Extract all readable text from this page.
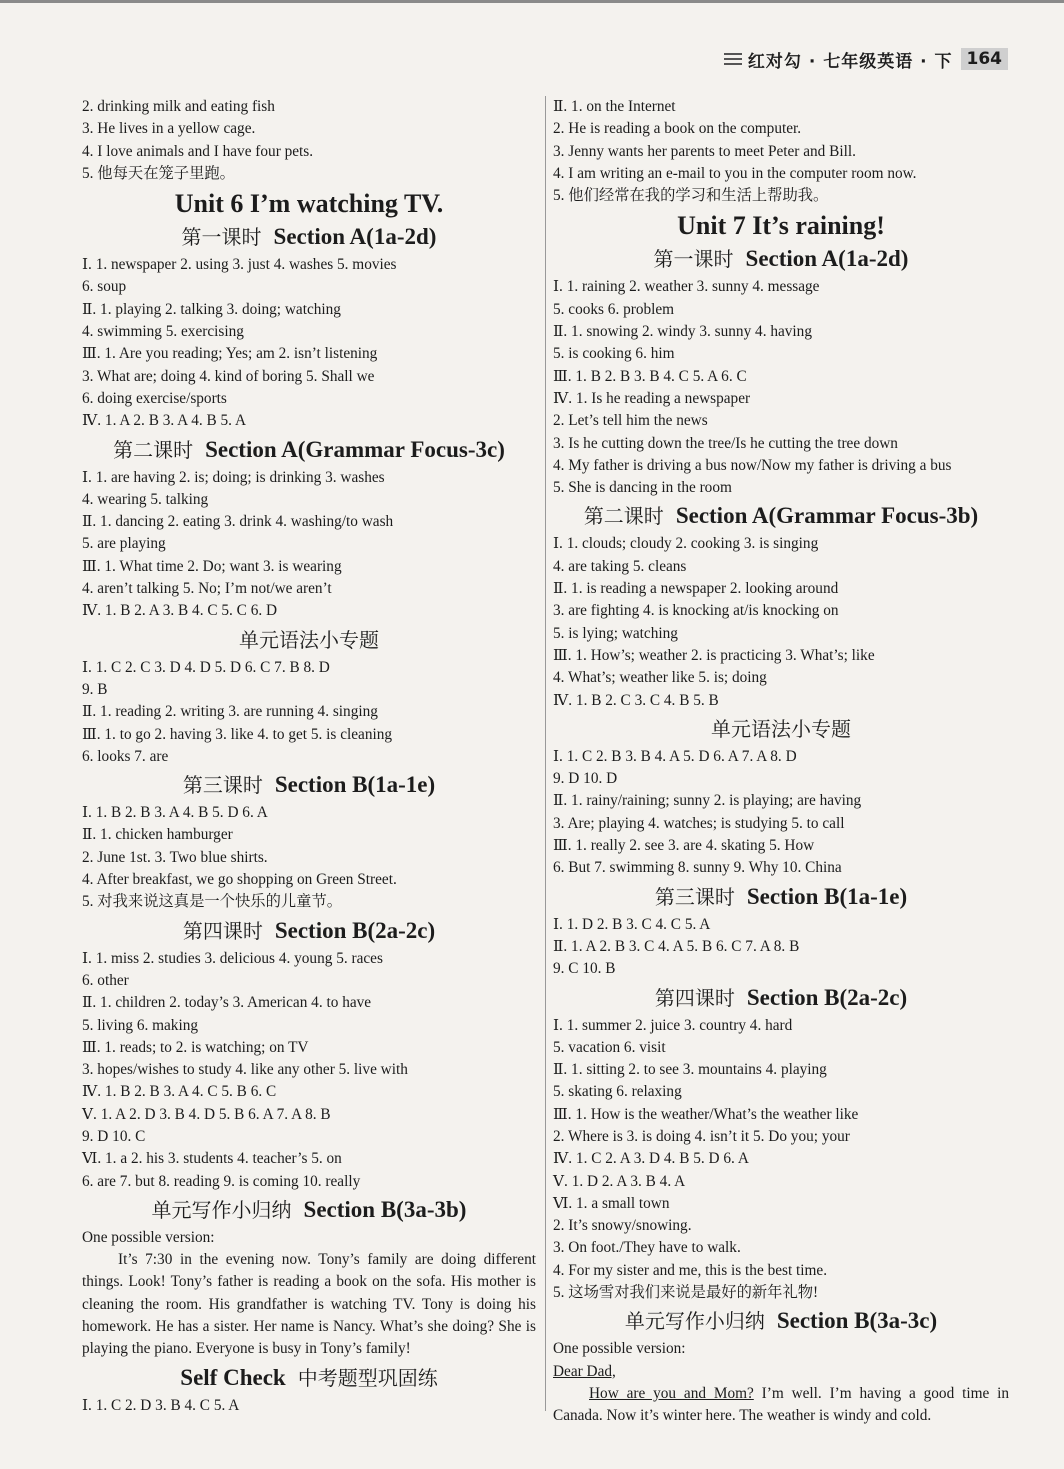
红对勾 · 七年级英语 · 下 164
2. drinking milk and eating fish
3. He lives in a yellow cage.
4. I love animals and I have four pets.
5. 他每天在笼子里跑。
Unit 6 I’m watching TV.
第一课时 Section A(1a-2d)
Ⅰ. 1. newspaper 2. using 3. just 4. washes 5. movies
6. soup
Ⅱ. 1. playing 2. talking 3. doing; watching
4. swimming 5. exercising
Ⅲ. 1. Are you reading; Yes; am 2. isn’t listening
3. What are; doing 4. kind of boring 5. Shall we
6. doing exercise/sports
Ⅳ. 1. A 2. B 3. A 4. B 5. A
第二课时 Section A(Grammar Focus-3c)
Ⅰ. 1. are having 2. is; doing; is drinking 3. washes
4. wearing 5. talking
Ⅱ. 1. dancing 2. eating 3. drink 4. washing/to wash
5. are playing
Ⅲ. 1. What time 2. Do; want 3. is wearing
4. aren’t talking 5. No; I’m not/we aren’t
Ⅳ. 1. B 2. A 3. B 4. C 5. C 6. D
单元语法小专题
Ⅰ. 1. C 2. C 3. D 4. D 5. D 6. C 7. B 8. D
9. B
Ⅱ. 1. reading 2. writing 3. are running 4. singing
Ⅲ. 1. to go 2. having 3. like 4. to get 5. is cleaning
6. looks 7. are
第三课时 Section B(1a-1e)
Ⅰ. 1. B 2. B 3. A 4. B 5. D 6. A
Ⅱ. 1. chicken hamburger
2. June 1st. 3. Two blue shirts.
4. After breakfast, we go shopping on Green Street.
5. 对我来说这真是一个快乐的儿童节。
第四课时 Section B(2a-2c)
Ⅰ. 1. miss 2. studies 3. delicious 4. young 5. races
6. other
Ⅱ. 1. children 2. today’s 3. American 4. to have
5. living 6. making
Ⅲ. 1. reads; to 2. is watching; on TV
3. hopes/wishes to study 4. like any other 5. live with
Ⅳ. 1. B 2. B 3. A 4. C 5. B 6. C
Ⅴ. 1. A 2. D 3. B 4. D 5. B 6. A 7. A 8. B
9. D 10. C
Ⅵ. 1. a 2. his 3. students 4. teacher’s 5. on
6. are 7. but 8. reading 9. is coming 10. really
单元写作小归纳 Section B(3a-3b)
One possible version:
It’s 7:30 in the evening now. Tony’s family are doing different things. Look! Tony’s father is reading a book on the sofa. His mother is cleaning the room. His grandfather is watching TV. Tony is doing his homework. He has a sister. Her name is Nancy. What’s she doing? She is playing the piano. Everyone is busy in Tony’s family!
Self Check 中考题型巩固练
Ⅰ. 1. C 2. D 3. B 4. C 5. A
Ⅱ. 1. on the Internet
2. He is reading a book on the computer.
3. Jenny wants her parents to meet Peter and Bill.
4. I am writing an e-mail to you in the computer room now.
5. 他们经常在我的学习和生活上帮助我。
Unit 7 It’s raining!
第一课时 Section A(1a-2d)
Ⅰ. 1. raining 2. weather 3. sunny 4. message
5. cooks 6. problem
Ⅱ. 1. snowing 2. windy 3. sunny 4. having
5. is cooking 6. him
Ⅲ. 1. B 2. B 3. B 4. C 5. A 6. C
Ⅳ. 1. Is he reading a newspaper
2. Let’s tell him the news
3. Is he cutting down the tree/Is he cutting the tree down
4. My father is driving a bus now/Now my father is driving a bus
5. She is dancing in the room
第二课时 Section A(Grammar Focus-3b)
Ⅰ. 1. clouds; cloudy 2. cooking 3. is singing
4. are taking 5. cleans
Ⅱ. 1. is reading a newspaper 2. looking around
3. are fighting 4. is knocking at/is knocking on
5. is lying; watching
Ⅲ. 1. How’s; weather 2. is practicing 3. What’s; like
4. What’s; weather like 5. is; doing
Ⅳ. 1. B 2. C 3. C 4. B 5. B
单元语法小专题
Ⅰ. 1. C 2. B 3. B 4. A 5. D 6. A 7. A 8. D
9. D 10. D
Ⅱ. 1. rainy/raining; sunny 2. is playing; are having
3. Are; playing 4. watches; is studying 5. to call
Ⅲ. 1. really 2. see 3. are 4. skating 5. How
6. But 7. swimming 8. sunny 9. Why 10. China
第三课时 Section B(1a-1e)
Ⅰ. 1. D 2. B 3. C 4. C 5. A
Ⅱ. 1. A 2. B 3. C 4. A 5. B 6. C 7. A 8. B
9. C 10. B
第四课时 Section B(2a-2c)
Ⅰ. 1. summer 2. juice 3. country 4. hard
5. vacation 6. visit
Ⅱ. 1. sitting 2. to see 3. mountains 4. playing
5. skating 6. relaxing
Ⅲ. 1. How is the weather/What’s the weather like
2. Where is 3. is doing 4. isn’t it 5. Do you; your
Ⅳ. 1. C 2. A 3. D 4. B 5. D 6. A
Ⅴ. 1. D 2. A 3. B 4. A
Ⅵ. 1. a small town
2. It’s snowy/snowing.
3. On foot./They have to walk.
4. For my sister and me, this is the best time.
5. 这场雪对我们来说是最好的新年礼物!
单元写作小归纳 Section B(3a-3c)
One possible version:
Dear Dad,
How are you and Mom? I’m well. I’m having a good time in Canada. Now it’s winter here. The weather is windy and cold.
